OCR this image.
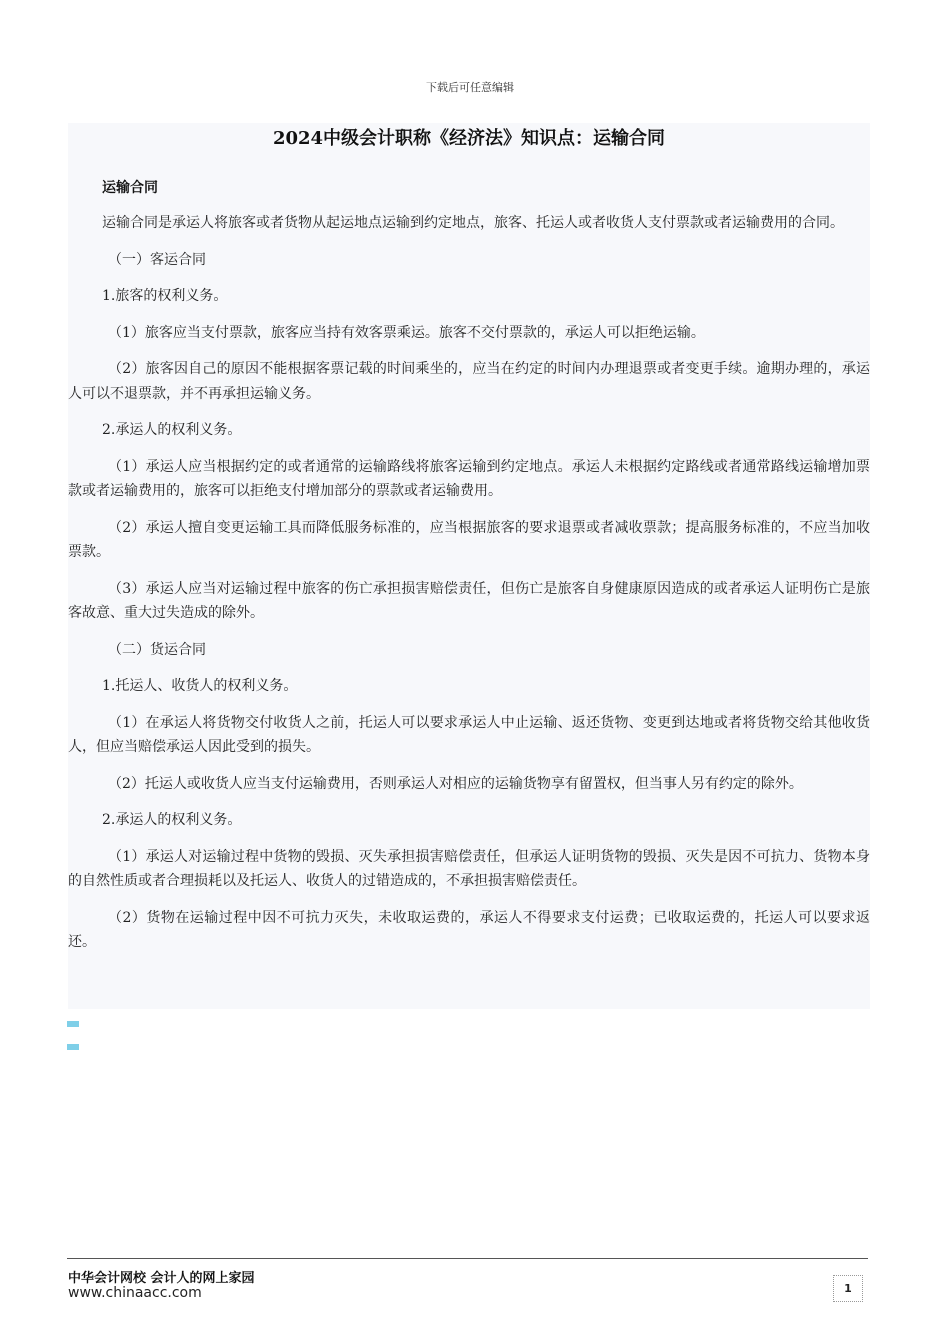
下载后可任意编辑
2024中级会计职称《经济法》知识点：运输合同
运输合同

运输合同是承运人将旅客或者货物从起运地点运输到约定地点，旅客、托运人或者收货人支付票款或者运输费用的合同。

（一）客运合同

1.旅客的权利义务。

（1）旅客应当支付票款，旅客应当持有效客票乘运。旅客不交付票款的，承运人可以拒绝运输。

（2）旅客因自己的原因不能根据客票记载的时间乘坐的，应当在约定的时间内办理退票或者变更手续。逾期办理的，承运人可以不退票款，并不再承担运输义务。

2.承运人的权利义务。

（1）承运人应当根据约定的或者通常的运输路线将旅客运输到约定地点。承运人未根据约定路线或者通常路线运输增加票款或者运输费用的，旅客可以拒绝支付增加部分的票款或者运输费用。

（2）承运人擅自变更运输工具而降低服务标准的，应当根据旅客的要求退票或者减收票款；提高服务标准的，不应当加收票款。

（3）承运人应当对运输过程中旅客的伤亡承担损害赔偿责任，但伤亡是旅客自身健康原因造成的或者承运人证明伤亡是旅客故意、重大过失造成的除外。

（二）货运合同

1.托运人、收货人的权利义务。

（1）在承运人将货物交付收货人之前，托运人可以要求承运人中止运输、返还货物、变更到达地或者将货物交给其他收货人，但应当赔偿承运人因此受到的损失。

（2）托运人或收货人应当支付运输费用，否则承运人对相应的运输货物享有留置权，但当事人另有约定的除外。

2.承运人的权利义务。

（1）承运人对运输过程中货物的毁损、灭失承担损害赔偿责任，但承运人证明货物的毁损、灭失是因不可抗力、货物本身的自然性质或者合理损耗以及托运人、收货人的过错造成的，不承担损害赔偿责任。

（2）货物在运输过程中因不可抗力灭失，未收取运费的，承运人不得要求支付运费；已收取运费的，托运人可以要求返还。

中华会计网校 会计人的网上家园
www.chinaacc.com	1
